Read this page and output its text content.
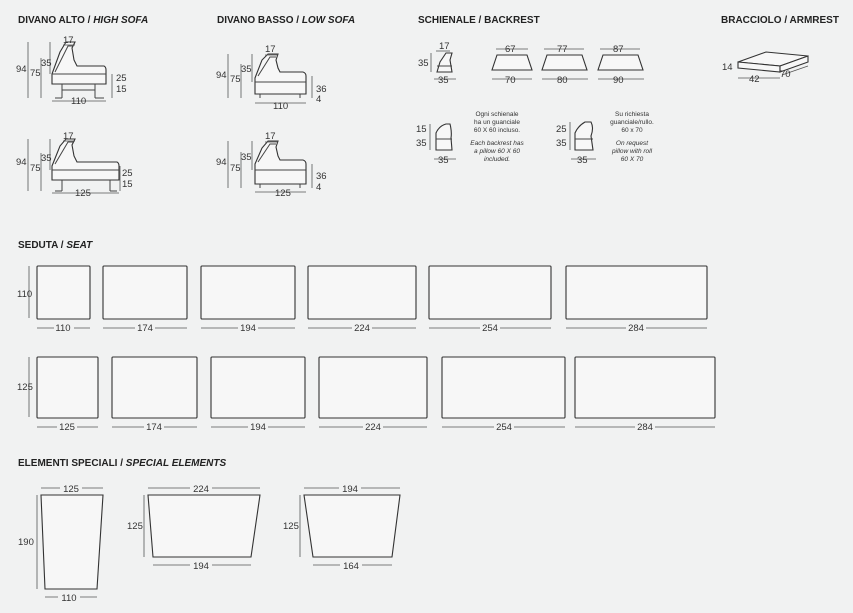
DIVANO ALTO / HIGH SOFA	DIVANO BASSO / LOW SOFA	SCHIENALE / BACKREST	BRACCIOLO / ARMREST
SEDUTA / SEAT
ELEMENTI SPECIALI / SPECIAL ELEMENTS
17
94 75
35
25
15
110
17
94
75
35
25
15
125
17
94 75
35
36
4
110
17
94
75
35
36
4
125
17
35
35
67
70
77
80
87
90
15
35
35
Ogni schienale
ha un guanciale
60 X 60 incluso.
Each backrest has
a pillow 60 X 60
included.
25
35
35
Su richiesta
guanciale/rullo.
60 x 70
On request
pillow with roll
60 X 70
14
42 70
110
110	174	194	224	254	284
125
125	174	194	224	254	284
125
190
110
224
125
194
194
125
164
